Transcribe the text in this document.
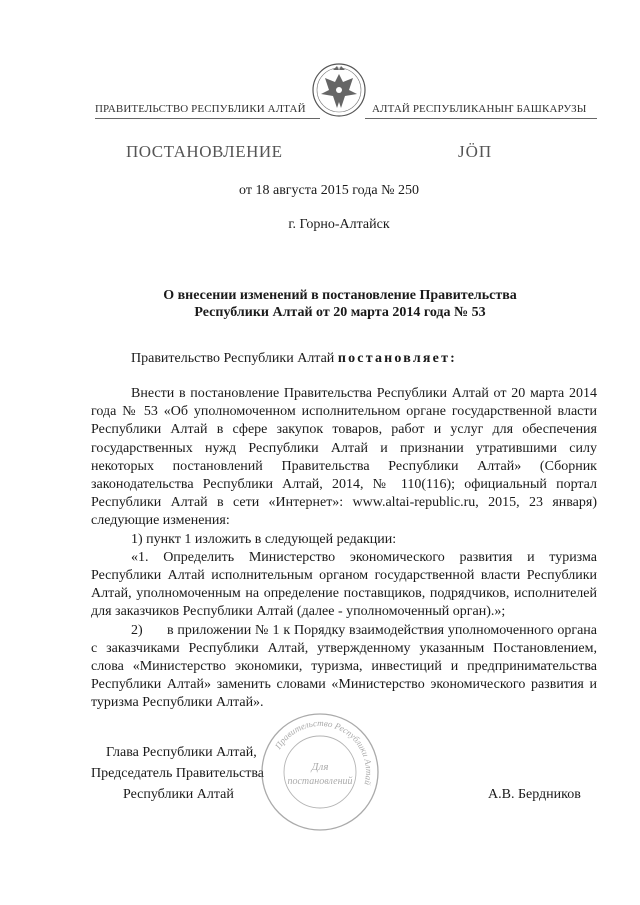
ПРАВИТЕЛЬСТВО РЕСПУБЛИКИ АЛТАЙ	АЛТАЙ РЕСПУБЛИКАНЫҤ БАШКАРУЗЫ
ПОСТАНОВЛЕНИЕ	ЈӦП
от 18 августа 2015 года № 250
г. Горно-Алтайск
О внесении изменений в постановление Правительства
Республики Алтай от 20 марта 2014 года № 53
Правительство Республики Алтай постановляет:

Внести в постановление Правительства Республики Алтай от 20 марта 2014 года № 53 «Об уполномоченном исполнительном органе государственной власти Республики Алтай в сфере закупок товаров, работ и услуг для обеспечения государственных нужд Республики Алтай и признании утратившими силу некоторых постановлений Правительства Республики Алтай» (Сборник законодательства Республики Алтай, 2014, № 110(116); официальный портал Республики Алтай в сети «Интернет»: www.altai-republic.ru, 2015, 23 января) следующие изменения:

1) пункт 1 изложить в следующей редакции:

«1. Определить Министерство экономического развития и туризма Республики Алтай исполнительным органом государственной власти Республики Алтай, уполномоченным на определение поставщиков, подрядчиков, исполнителей для заказчиков Республики Алтай (далее - уполномоченный орган).»;

2) в приложении № 1 к Порядку взаимодействия уполномоченного органа с заказчиками Республики Алтай, утвержденному указанным Постановлением, слова «Министерство экономики, туризма, инвестиций и предпринимательства Республики Алтай» заменить словами «Министерство экономического развития и туризма Республики Алтай».

Глава Республики Алтай,
Председатель Правительства
Республики Алтай	А.В. Бердников
Правительство Республики Алтай
Для
постановлений
